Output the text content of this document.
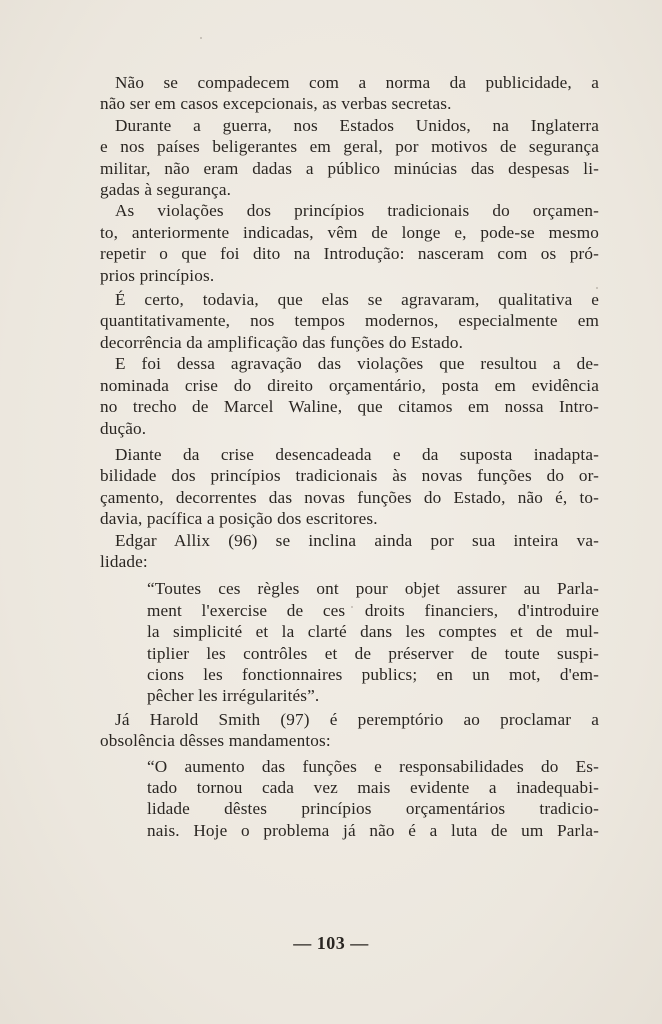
Não se compadecem com a norma da publicidade, a
não ser em casos excepcionais, as verbas secretas.
Durante a guerra, nos Estados Unidos, na Inglaterra
e nos países beligerantes em geral, por motivos de segurança
militar, não eram dadas a público minúcias das despesas li-
gadas à segurança.
As violações dos princípios tradicionais do orçamen-
to, anteriormente indicadas, vêm de longe e, pode-se mesmo
repetir o que foi dito na Introdução: nasceram com os pró-
prios princípios.
É certo, todavia, que elas se agravaram, qualitativa e
quantitativamente, nos tempos modernos, especialmente em
decorrência da amplificação das funções do Estado.
E foi dessa agravação das violações que resultou a de-
nominada crise do direito orçamentário, posta em evidência
no trecho de Marcel Waline, que citamos em nossa Intro-
dução.
Diante da crise desencadeada e da suposta inadapta-
bilidade dos princípios tradicionais às novas funções do or-
çamento, decorrentes das novas funções do Estado, não é, to-
davia, pacífica a posição dos escritores.
Edgar Allix (96) se inclina ainda por sua inteira va-
lidade:
“Toutes ces règles ont pour objet assurer au Parla-
ment l'exercise de ces droits financiers, d'introduire
la simplicité et la clarté dans les comptes et de mul-
tiplier les contrôles et de préserver de toute suspi-
cions les fonctionnaires publics; en un mot, d'em-
pêcher les irrégularités”.
Já Harold Smith (97) é peremptório ao proclamar a
obsolência dêsses mandamentos:
“O aumento das funções e responsabilidades do Es-
tado tornou cada vez mais evidente a inadequabi-
lidade dêstes princípios orçamentários tradicio-
nais. Hoje o problema já não é a luta de um Parla-
— 103 —
